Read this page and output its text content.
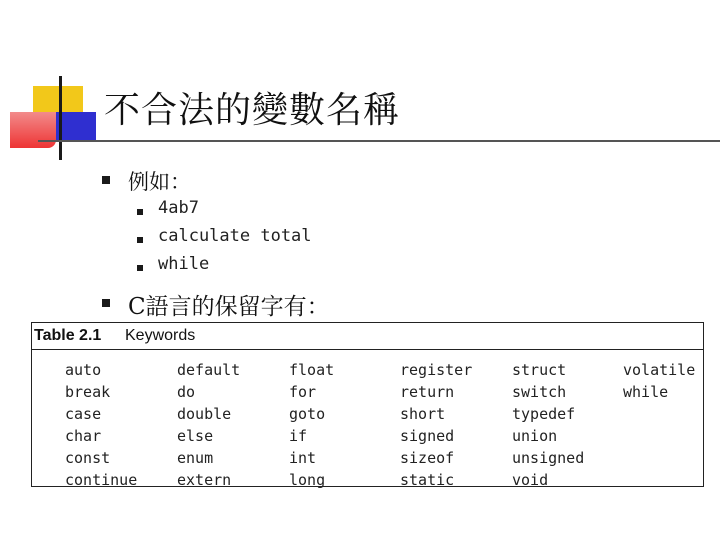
不合法的變數名稱
例如：
4ab7
calculate total
while
C語言的保留字有：
Table 2.1 Keywords
auto
break
case
char
const
continue
default
do
double
else
enum
extern
float
for
goto
if
int
long
register
return
short
signed
sizeof
static
struct
switch
typedef
union
unsigned
void
volatile
while
